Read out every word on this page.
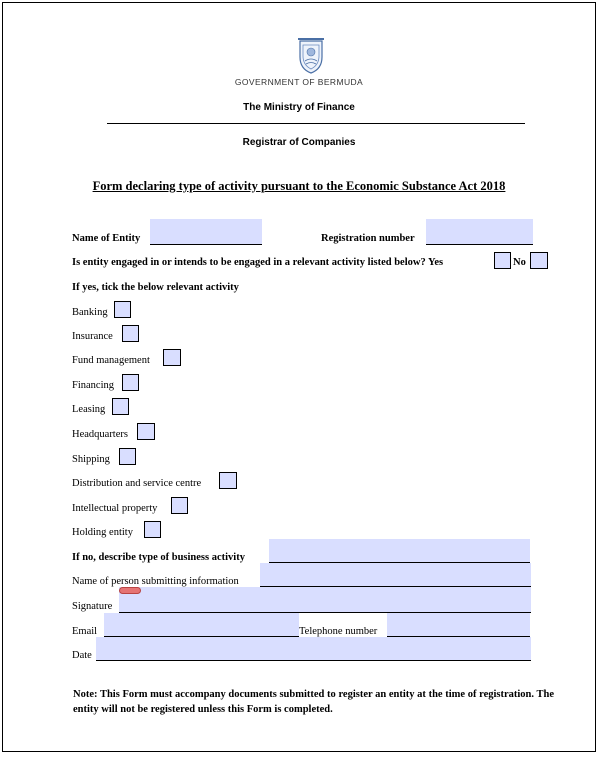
GOVERNMENT OF BERMUDA
The Ministry of Finance
Registrar of Companies
Form declaring type of activity pursuant to the Economic Substance Act 2018
Name of Entity	Registration number
Is entity engaged in or intends to be engaged in a relevant activity listed below? Yes	No
If yes, tick the below relevant activity
Banking
Insurance
Fund management
Financing
Leasing
Headquarters
Shipping
Distribution and service centre
Intellectual property
Holding entity
If no, describe type of business activity
Name of person submitting information
Signature
Email	Telephone number
Date
Note: This Form must accompany documents submitted to register an entity at the time of registration. The entity will not be registered unless this Form is completed.
